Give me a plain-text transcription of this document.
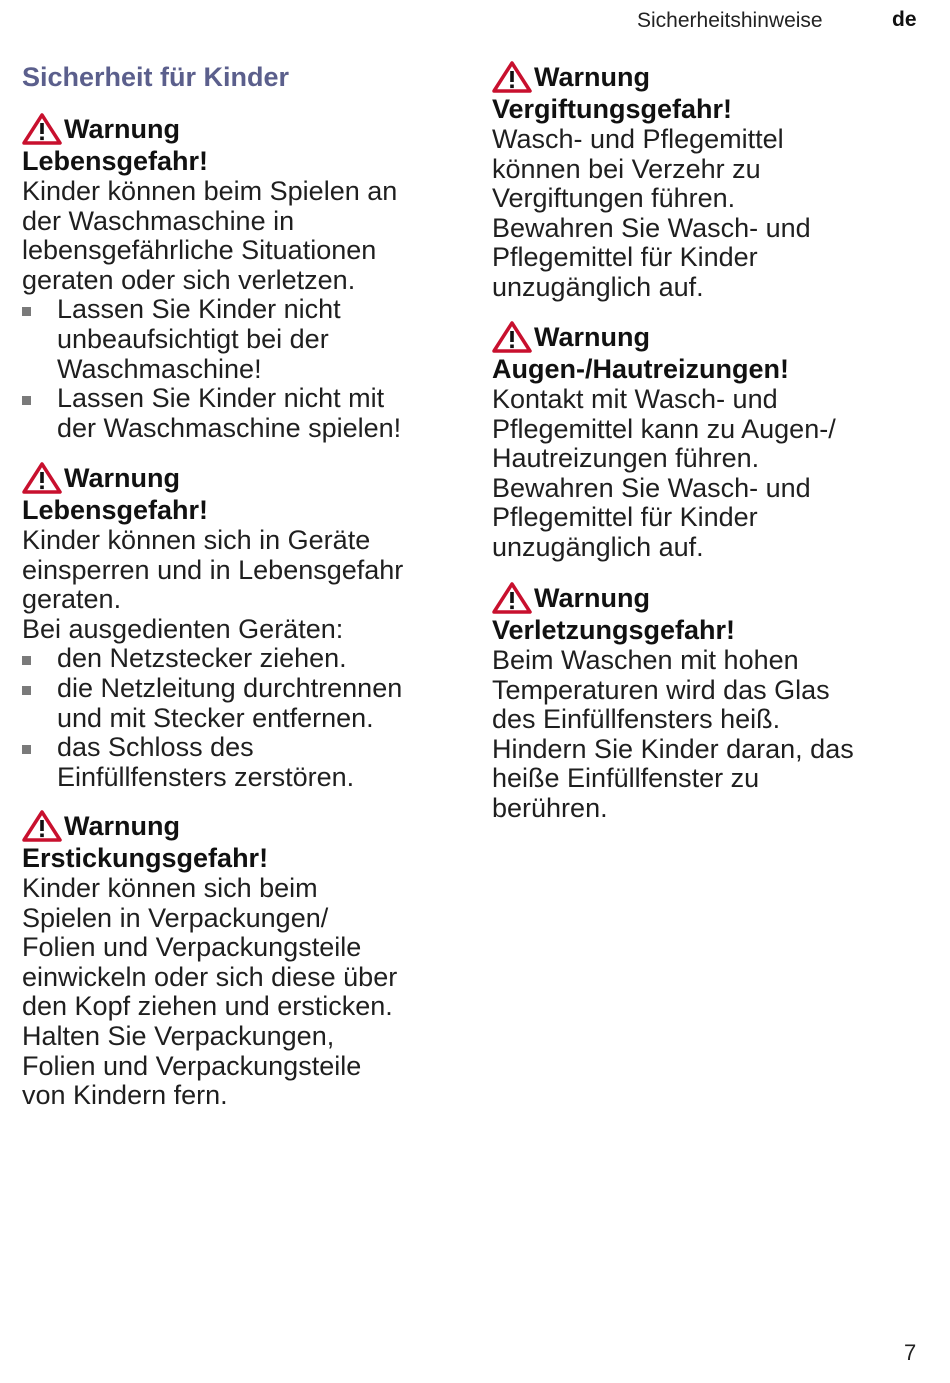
Sicherheitshinweise	de
Sicherheit für Kinder
Warnung
Lebensgefahr!

Kinder können beim Spielen an

der Waschmaschine in

lebensgefährliche Situationen

geraten oder sich verletzen.

Lassen Sie Kinder nicht
unbeaufsichtigt bei der
Waschmaschine!
Lassen Sie Kinder nicht mit
der Waschmaschine spielen!
Warnung
Lebensgefahr!

Kinder können sich in Geräte

einsperren und in Lebensgefahr

geraten.

Bei ausgedienten Geräten:

den Netzstecker ziehen.
die Netzleitung durchtrennen
und mit Stecker entfernen.
das Schloss des
Einfüllfensters zerstören.
Warnung
Erstickungsgefahr!

Kinder können sich beim

Spielen in Verpackungen/

Folien und Verpackungsteile

einwickeln oder sich diese über

den Kopf ziehen und ersticken.

Halten Sie Verpackungen,

Folien und Verpackungsteile

von Kindern fern.

Warnung
Vergiftungsgefahr!

Wasch- und Pflegemittel

können bei Verzehr zu

Vergiftungen führen.

Bewahren Sie Wasch- und

Pflegemittel für Kinder

unzugänglich auf.

Warnung
Augen-/Hautreizungen!

Kontakt mit Wasch- und

Pflegemittel kann zu Augen-/

Hautreizungen führen.

Bewahren Sie Wasch- und

Pflegemittel für Kinder

unzugänglich auf.

Warnung
Verletzungsgefahr!

Beim Waschen mit hohen

Temperaturen wird das Glas

des Einfüllfensters heiß.

Hindern Sie Kinder daran, das

heiße Einfüllfenster zu

berühren.

7
